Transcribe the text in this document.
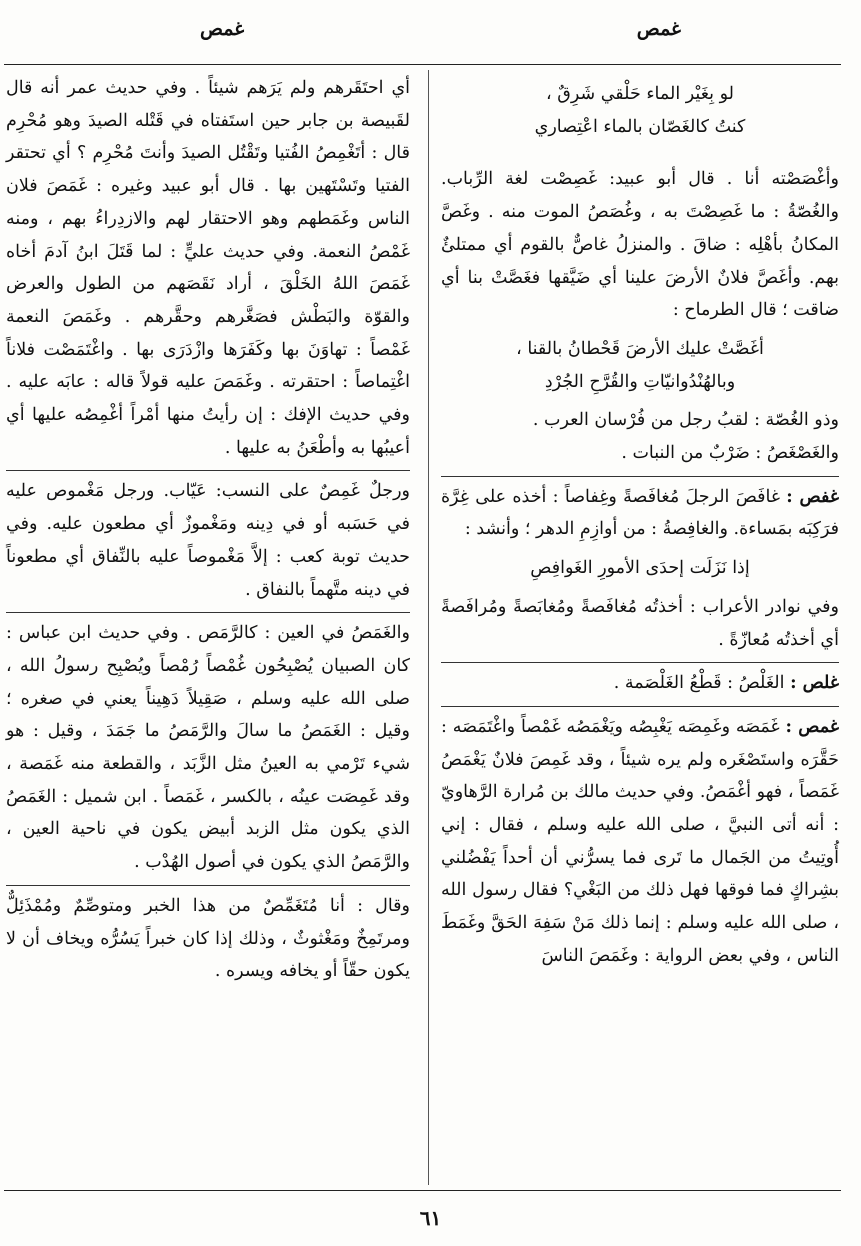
غمص
غمص
لو بِغَيْر الماء حَلْقي شَرِقٌ ،
كنتُ كالغَصّان بالماء اعْتِصاري

وأغْصَصْته أنا . قال أبو عبيد: غَصِصْت لغة الرِّباب. والغُصّةُ : ما غَصِصْتَ به ، وغُصَصُ الموت منه . وغَصَّ المكانُ بأهْلِه : ضاقَ . والمنزلُ غاصٌّ بالقوم أي ممتلئٌ بهم. وأغَصَّ فلانٌ الأرضَ علينا أي ضَيَّقها فغَصَّتْ بنا أي ضاقت ؛ قال الطرماح :

أغَصَّتْ عليك الأرضَ قَحْطانُ بالقنا ،
وبالهُنْدُوانيّاتِ والقُرَّحِ الجُرْدِ

وذو الغُصّة : لقبُ رجل من فُرْسان العرب .

والغَصْغَصُ : ضَرْبٌ من النبات .

غفص : غافَصَ الرجلَ مُغافَصةً وغِفاصاً : أخذه على غِرَّة فرَكِبَه بمَساءة. والغافِصةُ : من أوازِمِ الدهر ؛ وأنشد :

إذا نَزَلَت إحدَى الأمورِ الغَوافِصِ

وفي نوادر الأعراب : أخذتُه مُغافَصةً ومُغابَصةً ومُرافَصةً أي أخذتُه مُعازّةً .

غلص : الغَلْصُ : قَطْعُ الغَلْصَمة .

غمص : غَمَصَه وغَمِصَه يَغْبِصُه ويَغْمَصُه غَمْصاً واغْتَمَصَه : حَقَّرَه واستَصْغَره ولم يره شيئاً ، وقد غَمِصَ فلانٌ يَغْمَصُ غَمَصاً ، فهو أغْمَصُ. وفي حديث مالك بن مُرارة الرَّهاويّ : أنه أتى النبيَّ ، صلى الله عليه وسلم ، فقال : إني أُوتِيتُ من الجَمال ما تَرى فما يسرُّني أن أحداً يَفْضُلني بشِراكٍ فما فوقها فهل ذلك من البَغْي؟ فقال رسول الله ، صلى الله عليه وسلم : إنما ذلك مَنْ سَفِهَ الحَقَّ وغَمَطَ الناس ، وفي بعض الرواية : وغَمَصَ الناسَ

أي احتَقَرهم ولم يَرَهم شيئاً . وفي حديث عمر أنه قال لقَبيصة بن جابر حين استَفتاه في قَتْله الصيدَ وهو مُحْرِم قال : أتَغْمِصُ الفُتيا وتَقْتُل الصيدَ وأنتَ مُحْرِم ؟ أي تحتقر الفتيا وتَسْتَهين بها . قال أبو عبيد وغيره : غَمَصَ فلان الناس وغَمَطهم وهو الاحتقار لهم والازدِراءُ بهم ، ومنه غَمْصُ النعمة. وفي حديث عليٍّ : لما قَتَلَ ابنُ آدمَ أخاه غَمَصَ اللهُ الخَلْقَ ، أراد نَقَصَهم من الطول والعرض والقوّة والبَطْش فصَغَّرهم وحقَّرهم . وغَمَصَ النعمة غَمْصاً : تهاوَنَ بها وكَفَرَها وازْدَرَى بها . واغْتَمَصْت فلاناً اغْتِماصاً : احتقرته . وغَمَصَ عليه قولاً قاله : عابَه عليه . وفي حديث الإفك : إن رأيتُ منها أمْراً أغْمِصُه عليها أي أعيبُها به وأطْعَنُ به عليها .

ورجلٌ غَمِصٌ على النسب: عَيّاب. ورجل مَغْموص عليه في حَسَبه أو في دِينه ومَغْموزٌ أي مطعون عليه. وفي حديث توبة كعب : إلاَّ مَغْموصاً عليه بالنِّفاق أي مطعوناً في دينه متَّهماً بالنفاق .

والغَمَصُ في العين : كالرَّمَص . وفي حديث ابن عباس : كان الصبيان يُصْبِحُون غُمْصاً رُمْصاً ويُصْبِح رسولُ الله ، صلى الله عليه وسلم ، صَقِيلاً دَهِيناً يعني في صغره ؛ وقيل : الغَمَصُ ما سالَ والرَّمَصُ ما جَمَدَ ، وقيل : هو شيء تَرْمي به العينُ مثل الزَّبَد ، والقطعة منه غَمَصة ، وقد غَمِصَت عينُه ، بالكسر ، غَمَصاً . ابن شميل : الغَمَصُ الذي يكون مثل الزبد أبيض يكون في ناحية العين ، والرَّمَصُ الذي يكون في أصول الهُدْب .

وقال : أنا مُتَغَمِّصٌ من هذا الخبر ومتوصِّمٌ ومُمْذَئِلٌّ ومرتَمِخٌ ومَغْثوثٌ ، وذلك إذا كان خبراً يَسُرُّه ويخاف أن لا يكون حقّاً أو يخافه ويسره .

٦١
